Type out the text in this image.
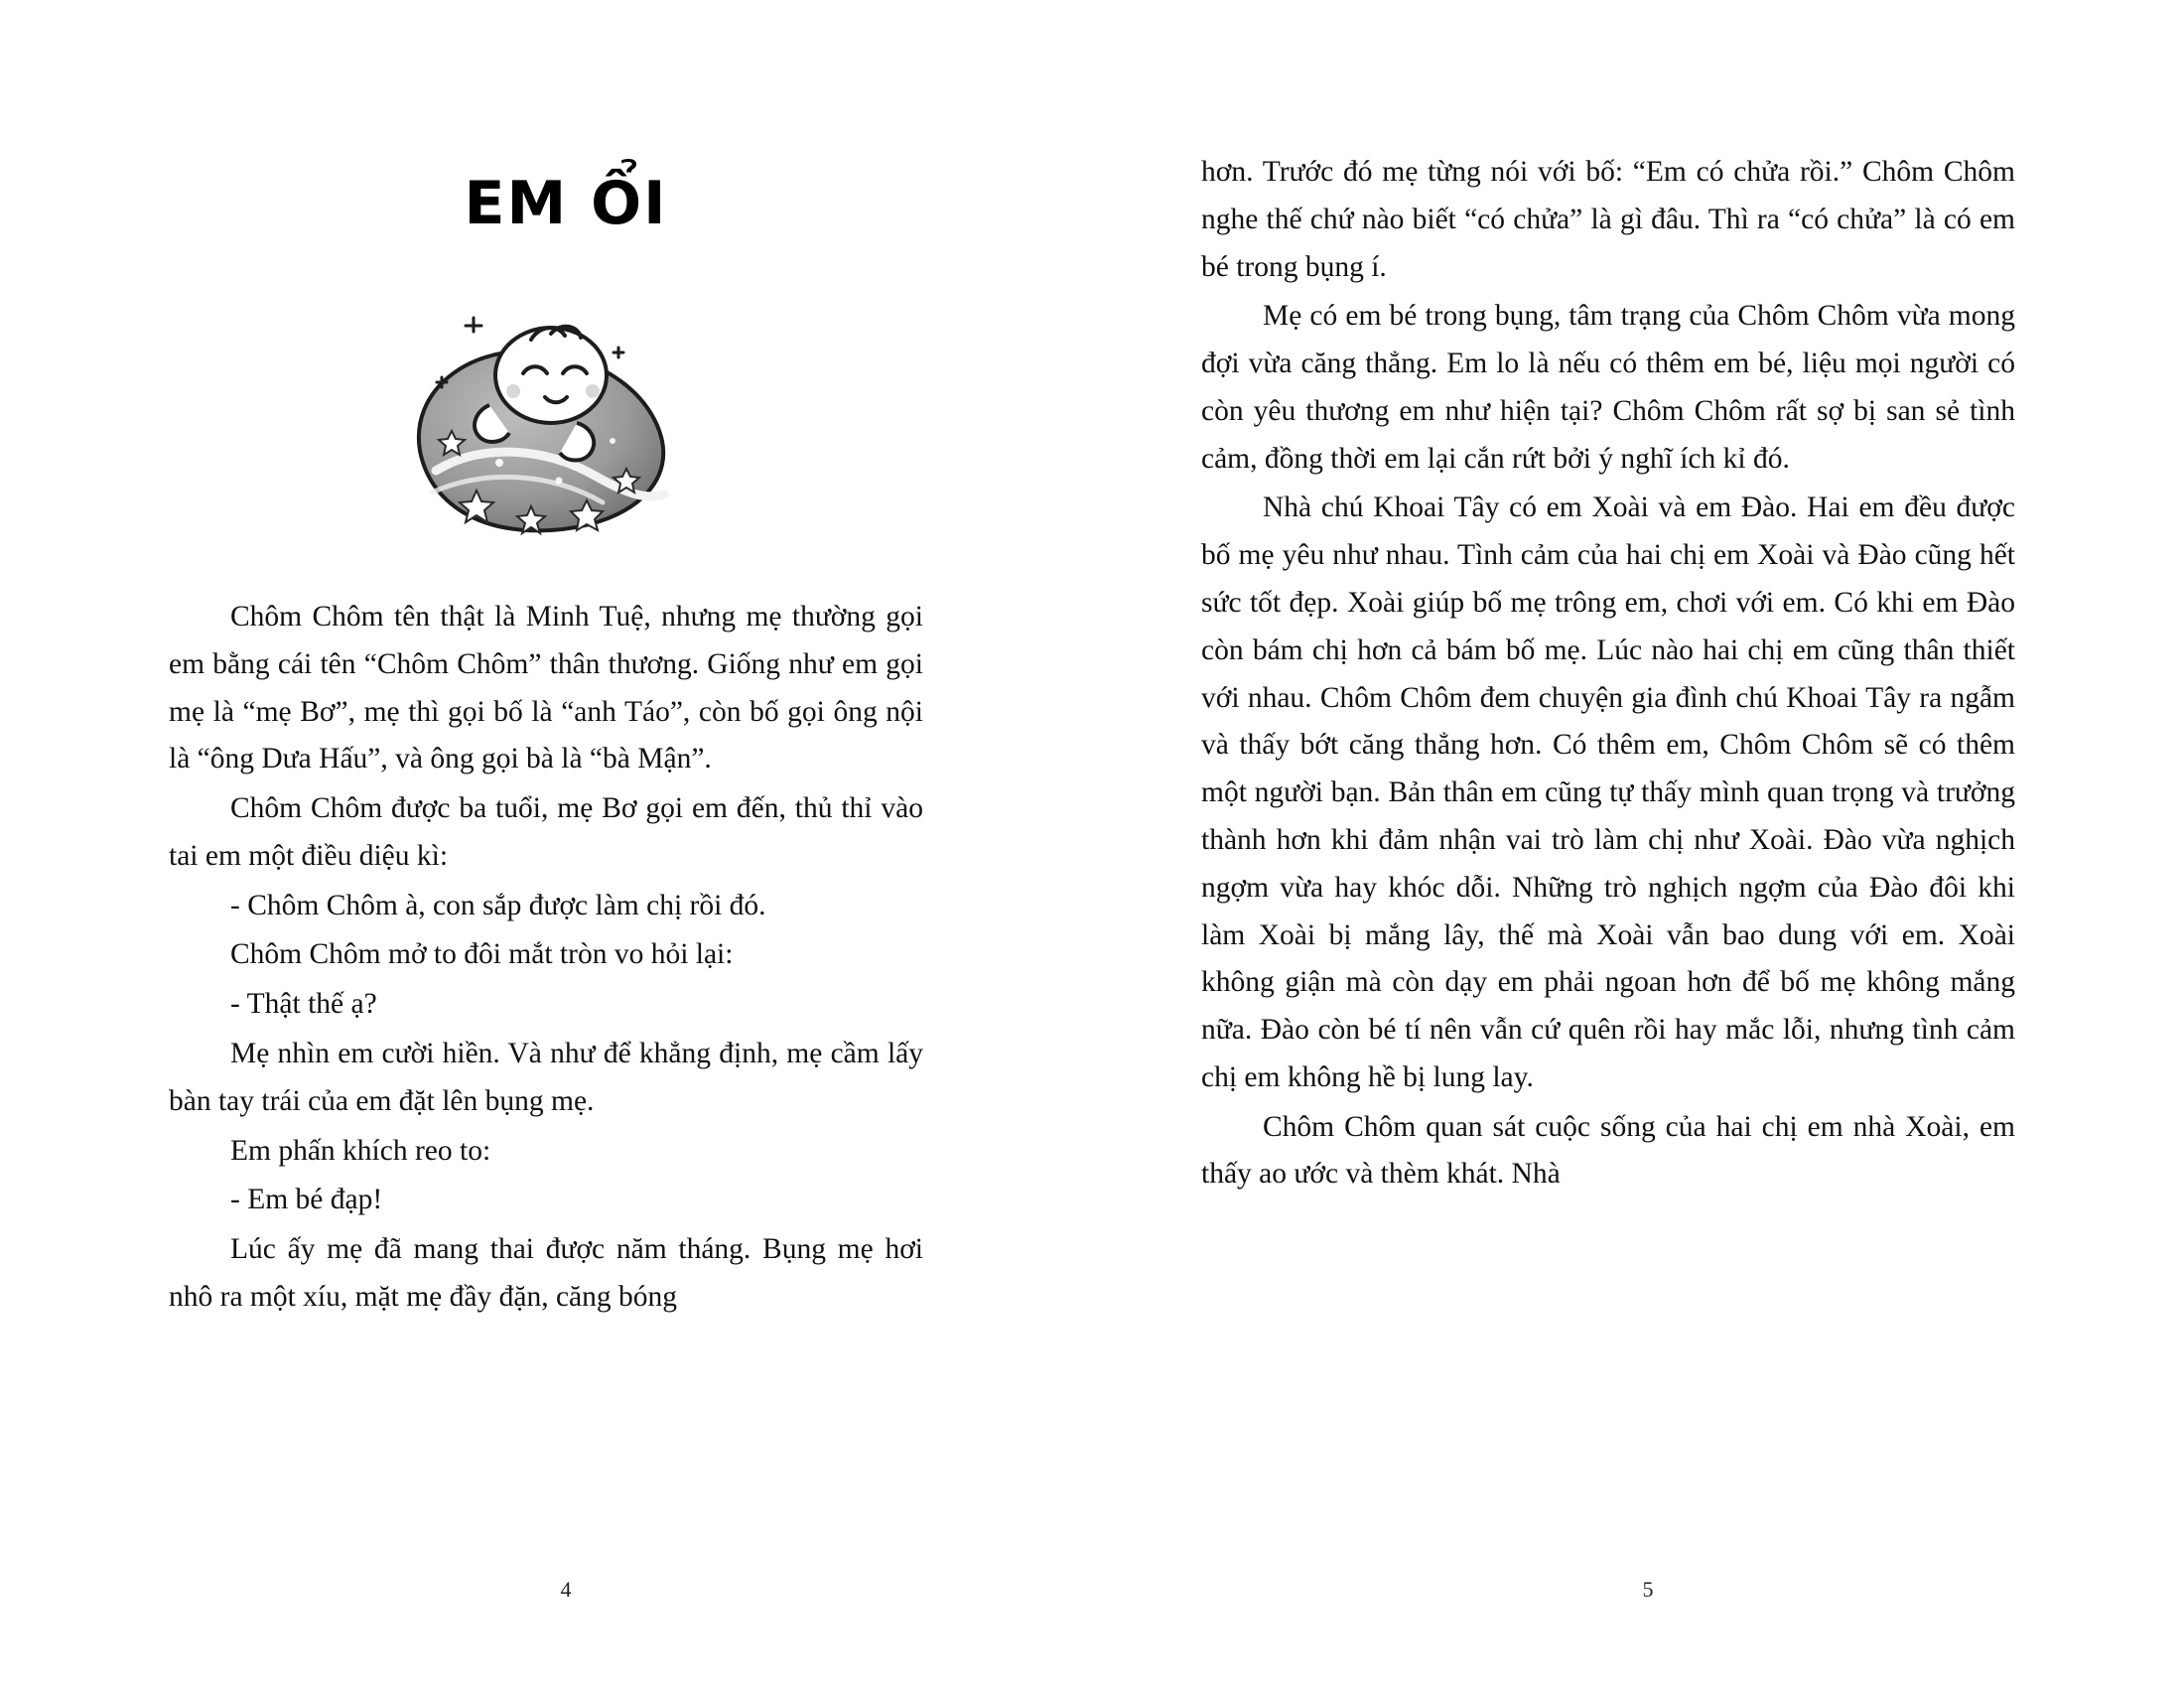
EM ỔI

Chôm Chôm tên thật là Minh Tuệ, nhưng mẹ thường gọi em bằng cái tên “Chôm Chôm” thân thương. Giống như em gọi mẹ là “mẹ Bơ”, mẹ thì gọi bố là “anh Táo”, còn bố gọi ông nội là “ông Dưa Hấu”, và ông gọi bà là “bà Mận”.

Chôm Chôm được ba tuổi, mẹ Bơ gọi em đến, thủ thỉ vào tai em một điều diệu kì:

- Chôm Chôm à, con sắp được làm chị rồi đó.

Chôm Chôm mở to đôi mắt tròn vo hỏi lại:

- Thật thế ạ?

Mẹ nhìn em cười hiền. Và như để khẳng định, mẹ cầm lấy bàn tay trái của em đặt lên bụng mẹ.

Em phấn khích reo to:

- Em bé đạp!

Lúc ấy mẹ đã mang thai được năm tháng. Bụng mẹ hơi nhô ra một xíu, mặt mẹ đầy đặn, căng bóng

4

hơn. Trước đó mẹ từng nói với bố: “Em có chửa rồi.” Chôm Chôm nghe thế chứ nào biết “có chửa” là gì đâu. Thì ra “có chửa” là có em bé trong bụng í.

Mẹ có em bé trong bụng, tâm trạng của Chôm Chôm vừa mong đợi vừa căng thẳng. Em lo là nếu có thêm em bé, liệu mọi người có còn yêu thương em như hiện tại? Chôm Chôm rất sợ bị san sẻ tình cảm, đồng thời em lại cắn rứt bởi ý nghĩ ích kỉ đó.

Nhà chú Khoai Tây có em Xoài và em Đào. Hai em đều được bố mẹ yêu như nhau. Tình cảm của hai chị em Xoài và Đào cũng hết sức tốt đẹp. Xoài giúp bố mẹ trông em, chơi với em. Có khi em Đào còn bám chị hơn cả bám bố mẹ. Lúc nào hai chị em cũng thân thiết với nhau. Chôm Chôm đem chuyện gia đình chú Khoai Tây ra ngẫm và thấy bớt căng thẳng hơn. Có thêm em, Chôm Chôm sẽ có thêm một người bạn. Bản thân em cũng tự thấy mình quan trọng và trưởng thành hơn khi đảm nhận vai trò làm chị như Xoài. Đào vừa nghịch ngợm vừa hay khóc dỗi. Những trò nghịch ngợm của Đào đôi khi làm Xoài bị mắng lây, thế mà Xoài vẫn bao dung với em. Xoài không giận mà còn dạy em phải ngoan hơn để bố mẹ không mắng nữa. Đào còn bé tí nên vẫn cứ quên rồi hay mắc lỗi, nhưng tình cảm chị em không hề bị lung lay.

Chôm Chôm quan sát cuộc sống của hai chị em nhà Xoài, em thấy ao ước và thèm khát. Nhà

5
